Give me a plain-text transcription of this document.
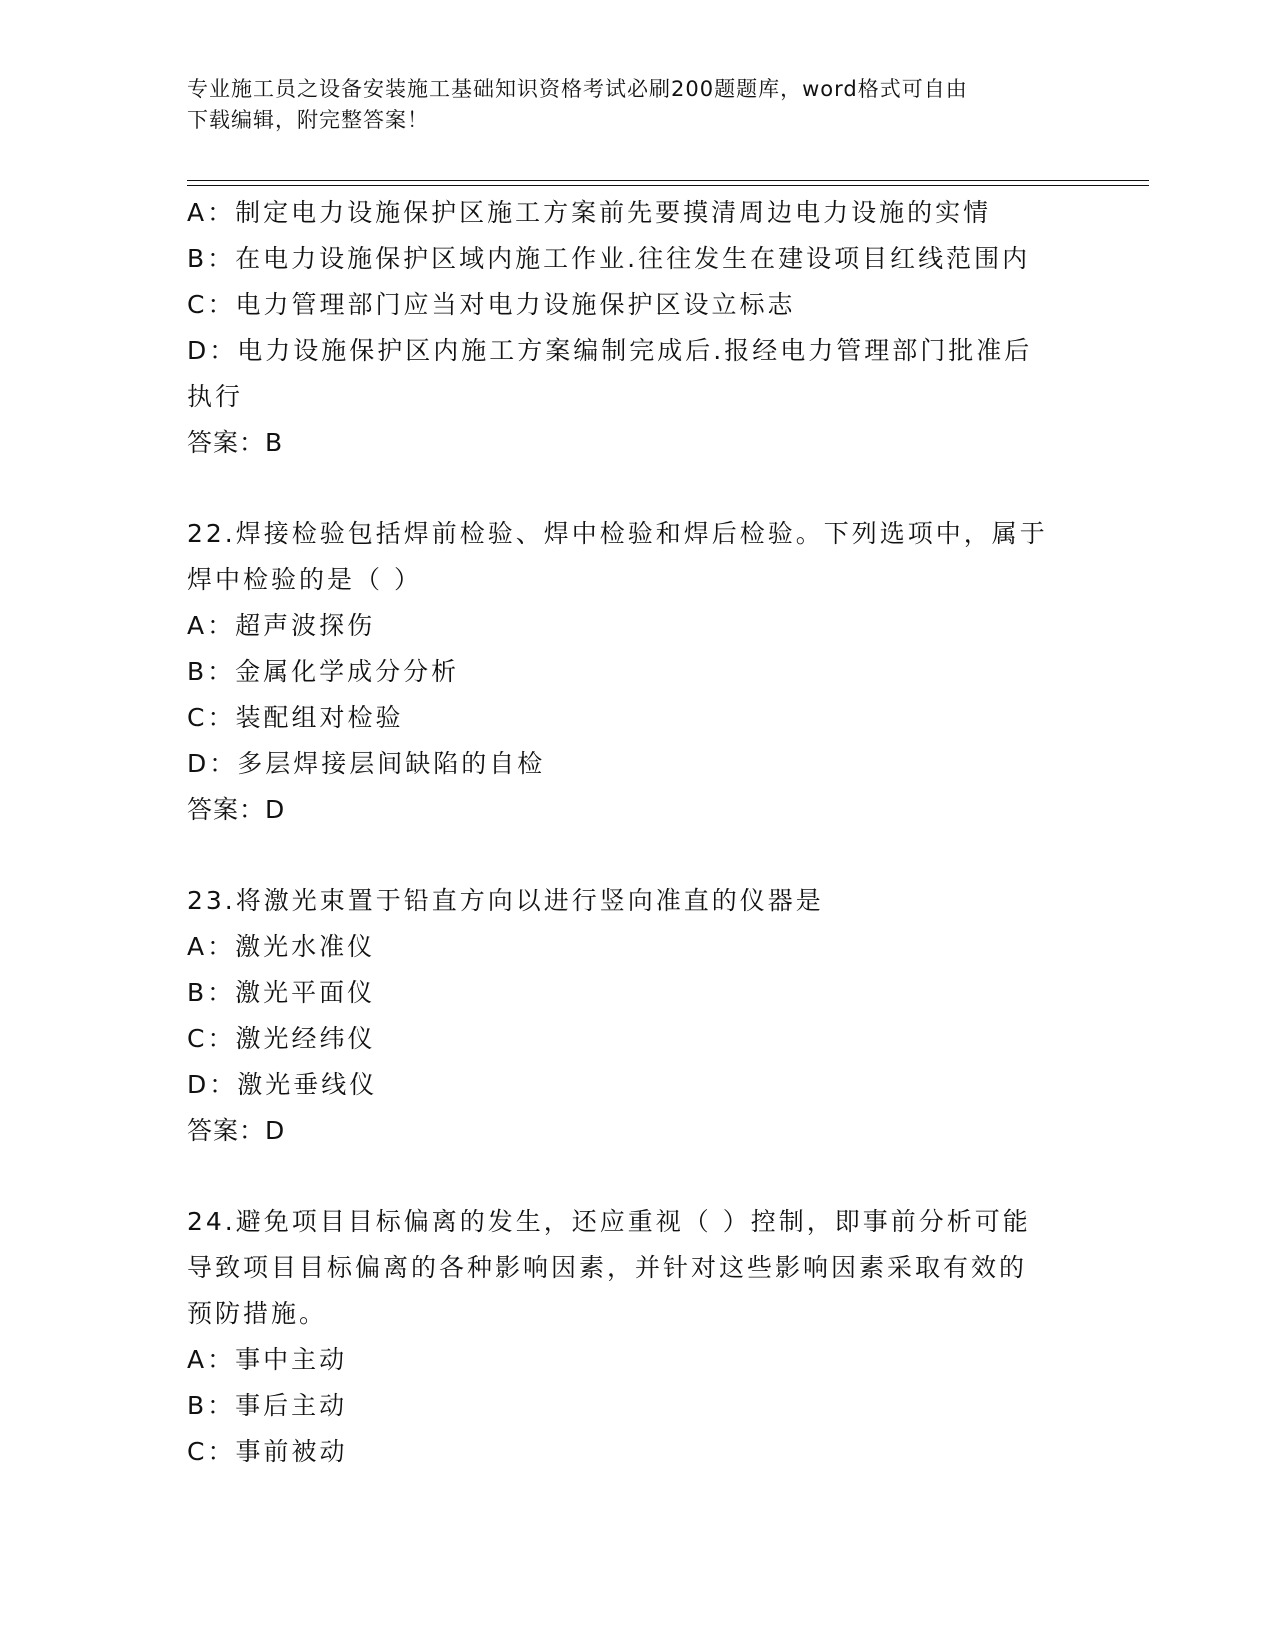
专业施工员之设备安装施工基础知识资格考试必刷200题题库，word格式可自由
下载编辑，附完整答案！
A：制定电力设施保护区施工方案前先要摸清周边电力设施的实情
B：在电力设施保护区域内施工作业.往往发生在建设项目红线范围内
C：电力管理部门应当对电力设施保护区设立标志
D：电力设施保护区内施工方案编制完成后.报经电力管理部门批准后
执行
答案：B
22.焊接检验包括焊前检验、焊中检验和焊后检验。下列选项中，属于
焊中检验的是（ ）
A：超声波探伤
B：金属化学成分分析
C：装配组对检验
D：多层焊接层间缺陷的自检
答案：D
23.将激光束置于铅直方向以进行竖向准直的仪器是
A：激光水准仪
B：激光平面仪
C：激光经纬仪
D：激光垂线仪
答案：D
24.避免项目目标偏离的发生，还应重视（ ）控制，即事前分析可能
导致项目目标偏离的各种影响因素，并针对这些影响因素采取有效的
预防措施。
A：事中主动
B：事后主动
C：事前被动
